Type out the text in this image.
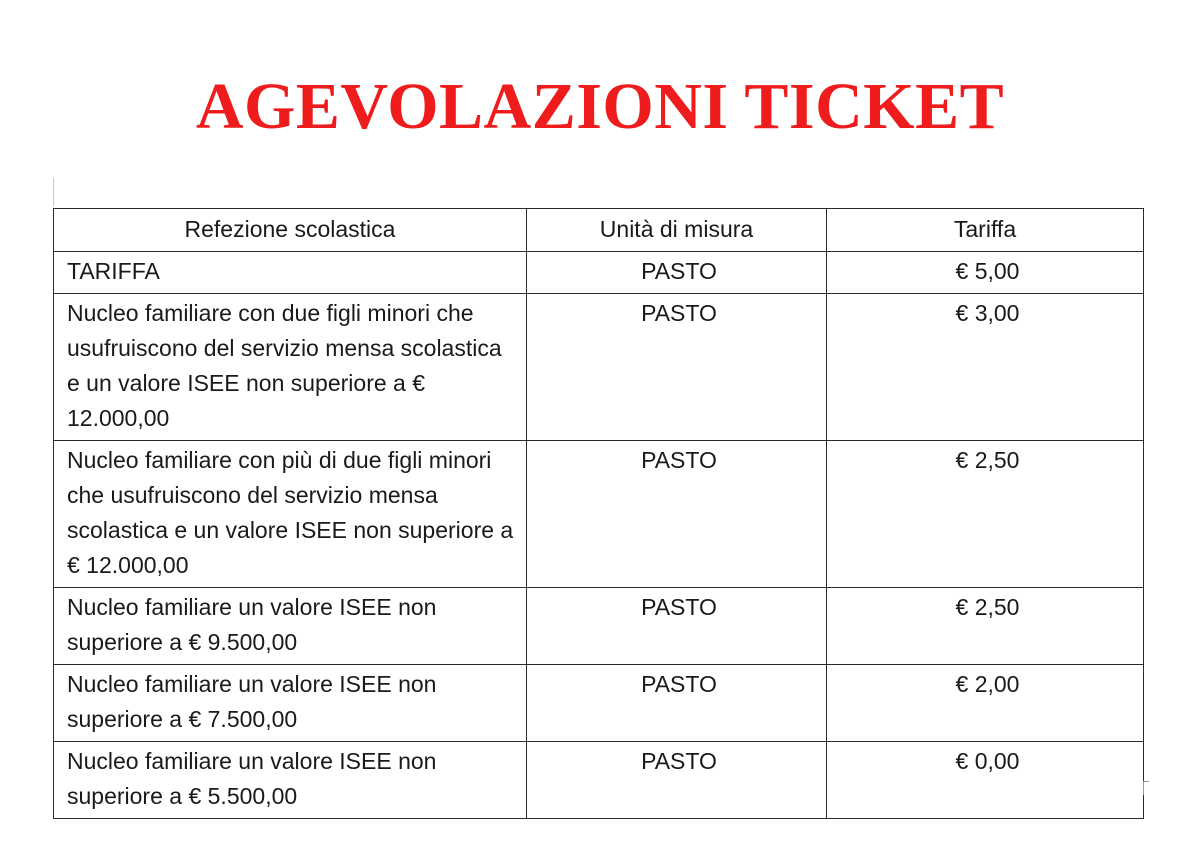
AGEVOLAZIONI TICKET
Refezione scolastica	Unità di misura	Tariffa
TARIFFA	PASTO	€ 5,00
Nucleo familiare con due figli minori che usufruiscono del servizio mensa scolastica e un valore ISEE non superiore a € 12.000,00	PASTO	€ 3,00
Nucleo familiare con più di due figli minori che usufruiscono del servizio mensa scolastica e un valore ISEE non superiore a € 12.000,00	PASTO	€ 2,50
Nucleo familiare un valore ISEE non superiore a € 9.500,00	PASTO	€ 2,50
Nucleo familiare un valore ISEE non superiore a € 7.500,00	PASTO	€ 2,00
Nucleo familiare un valore ISEE non superiore a € 5.500,00	PASTO	€ 0,00
